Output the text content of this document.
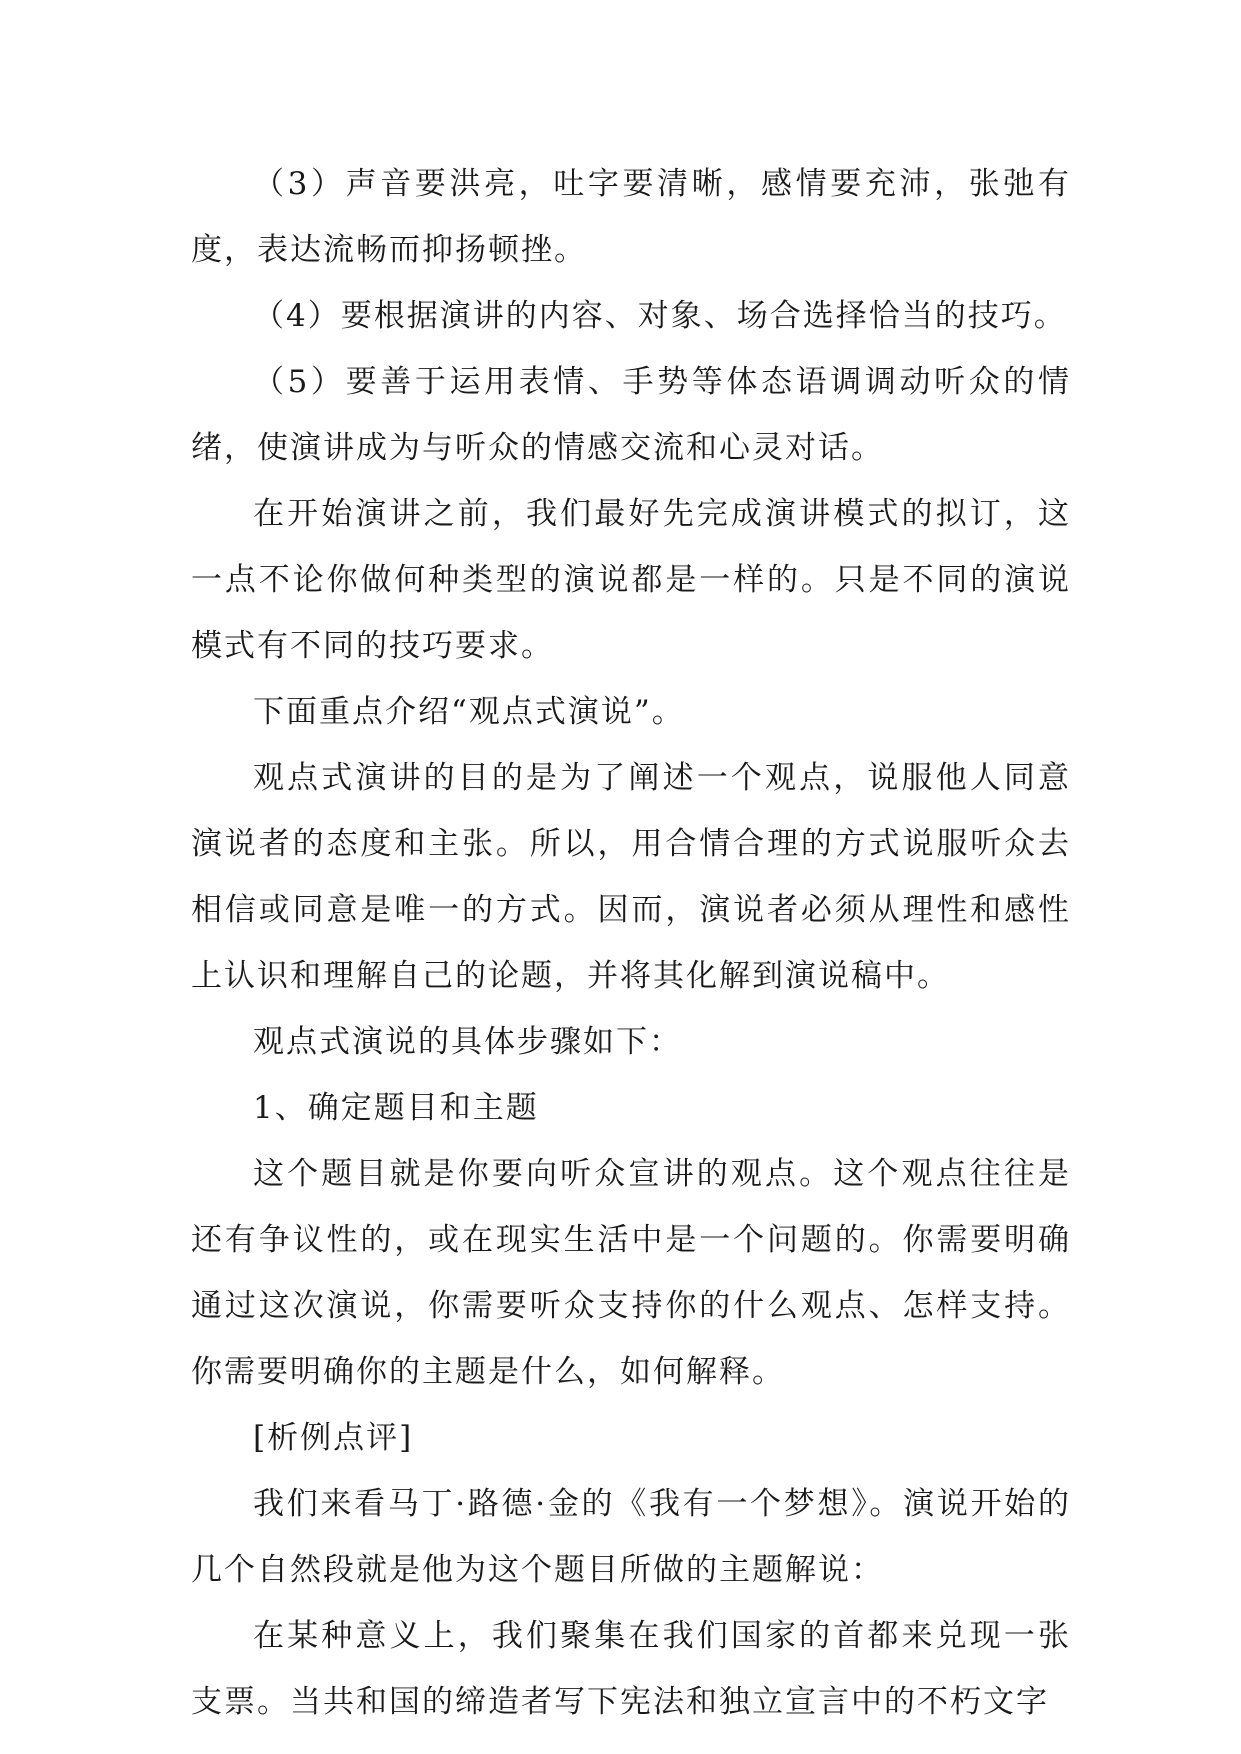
（3）声音要洪亮，吐字要清晰，感情要充沛，张弛有度，表达流畅而抑扬顿挫。

（4）要根据演讲的内容、对象、场合选择恰当的技巧。

（5）要善于运用表情、手势等体态语调调动听众的情绪，使演讲成为与听众的情感交流和心灵对话。

在开始演讲之前，我们最好先完成演讲模式的拟订，这一点不论你做何种类型的演说都是一样的。只是不同的演说模式有不同的技巧要求。

下面重点介绍“观点式演说”。

观点式演讲的目的是为了阐述一个观点，说服他人同意演说者的态度和主张。所以，用合情合理的方式说服听众去相信或同意是唯一的方式。因而，演说者必须从理性和感性上认识和理解自己的论题，并将其化解到演说稿中。

观点式演说的具体步骤如下：

1、确定题目和主题

这个题目就是你要向听众宣讲的观点。这个观点往往是还有争议性的，或在现实生活中是一个问题的。你需要明确通过这次演说，你需要听众支持你的什么观点、怎样支持。你需要明确你的主题是什么，如何解释。

[析例点评]

我们来看马丁·路德·金的《我有一个梦想》。演说开始的几个自然段就是他为这个题目所做的主题解说：

在某种意义上，我们聚集在我们国家的首都来兑现一张支票。当共和国的缔造者写下宪法和独立宣言中的不朽文字
